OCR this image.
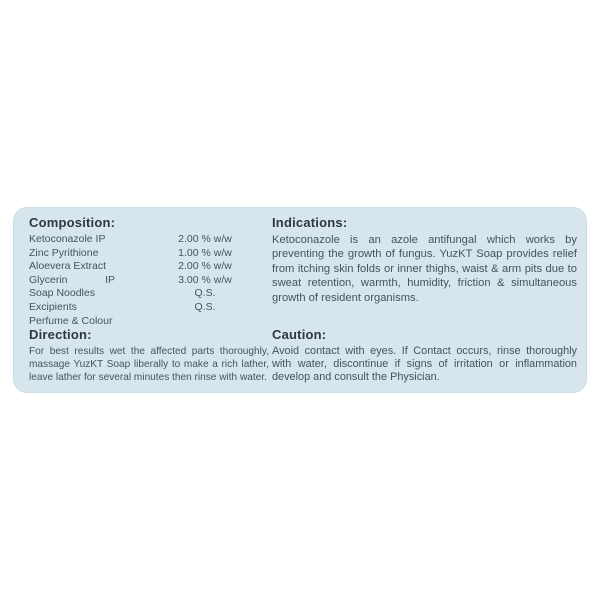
Composition:
Ketoconazole IP	2.00 % w/w
Zinc Pyrithione	1.00 % w/w
Aloevera Extract	2.00 % w/w
Glycerin	IP	3.00 % w/w
Soap Noodles	Q.S.
Excipients	Q.S.
Perfume & Colour
Direction:

For best results wet the affected parts thoroughly, massage YuzKT Soap liberally to make a rich lather, leave lather for several minutes then rinse with water.

Indications:

Ketoconazole is an azole antifungal which works by preventing the growth of fungus. YuzKT Soap provides relief from itching skin folds or inner thighs, waist & arm pits due to sweat retention, warmth, humidity, friction & simultaneous growth of resident organisms.

Caution:

Avoid contact with eyes. If Contact occurs, rinse thoroughly with water, discontinue if signs of irritation or inflammation develop and consult the Physician.
